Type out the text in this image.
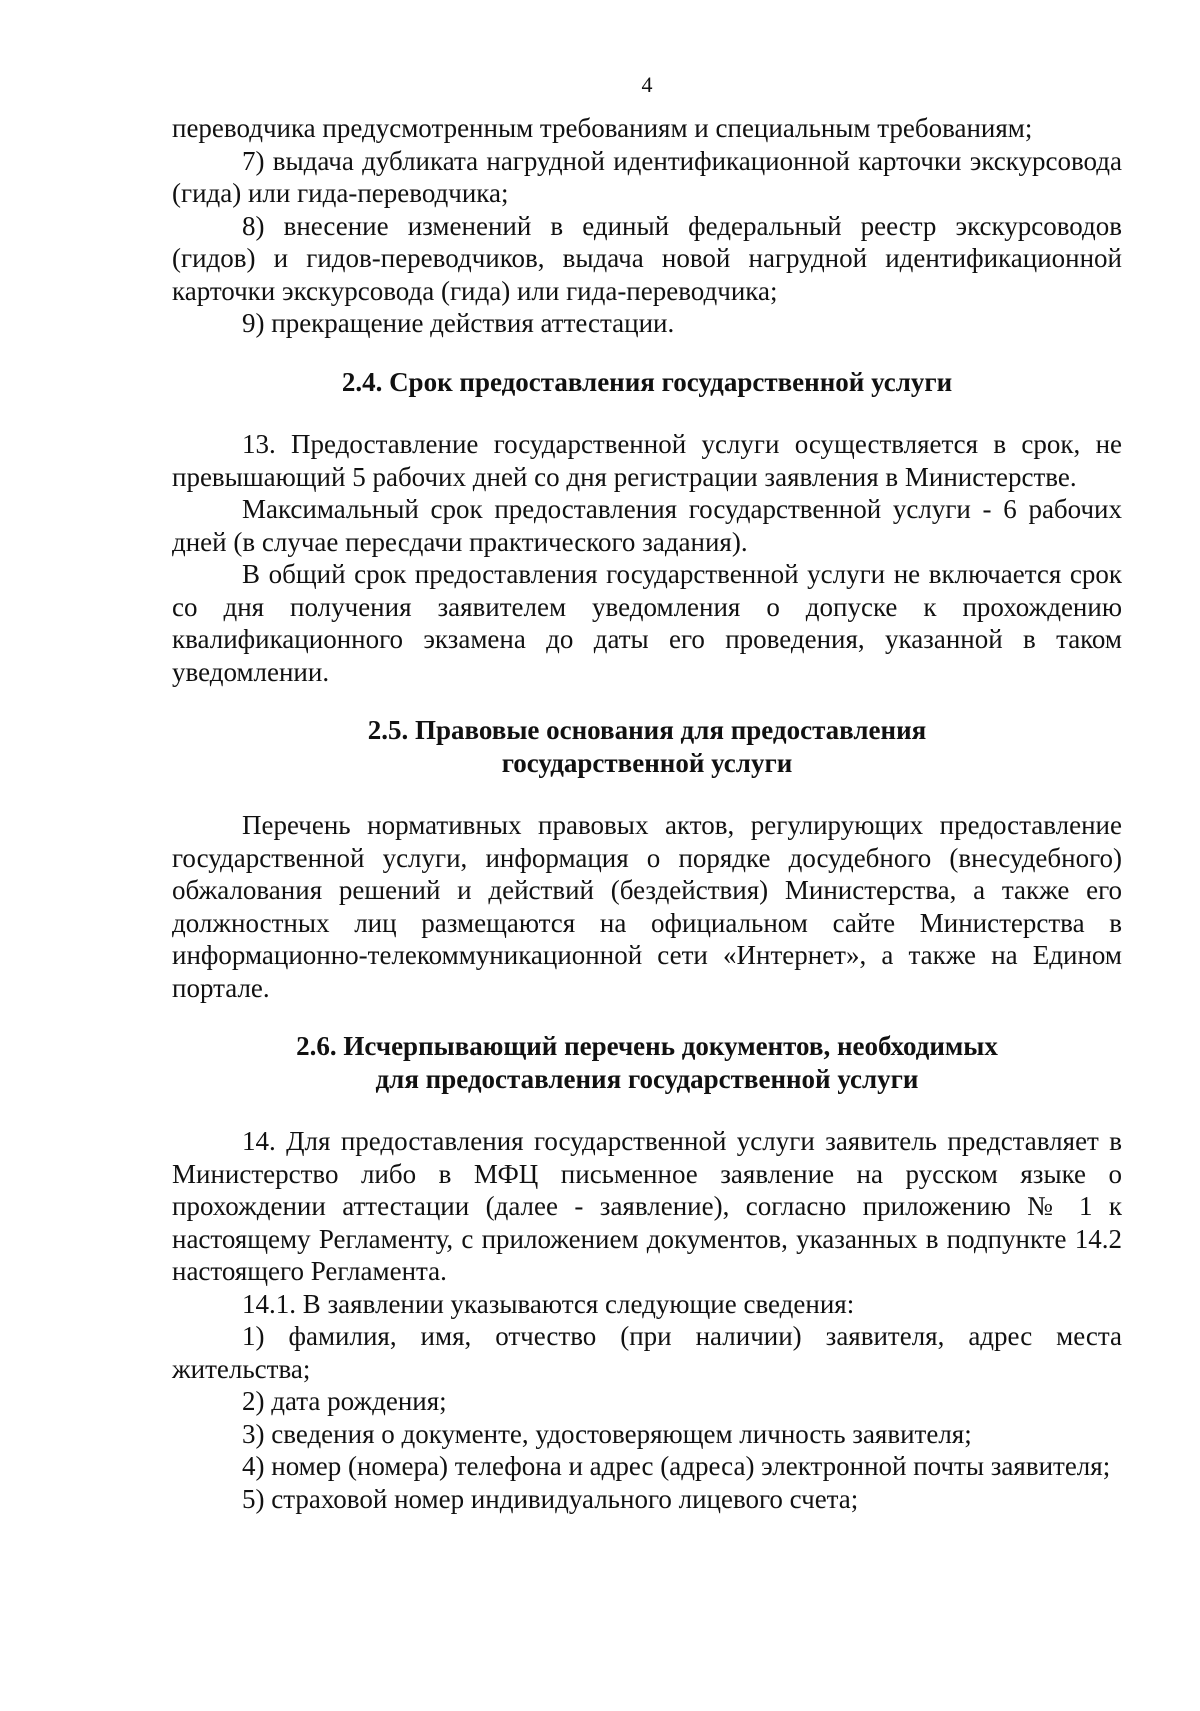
4

переводчика предусмотренным требованиям и специальным требованиям;

7) выдача дубликата нагрудной идентификационной карточки экскурсовода (гида) или гида-переводчика;

8) внесение изменений в единый федеральный реестр экскурсоводов (гидов) и гидов-переводчиков, выдача новой нагрудной идентификационной карточки экскурсовода (гида) или гида-переводчика;

9) прекращение действия аттестации.

2.4. Срок предоставления государственной услуги

13. Предоставление государственной услуги осуществляется в срок, не превышающий 5 рабочих дней со дня регистрации заявления в Министерстве.

Максимальный срок предоставления государственной услуги - 6 рабочих дней (в случае пересдачи практического задания).

В общий срок предоставления государственной услуги не включается срок со дня получения заявителем уведомления о допуске к прохождению квалификационного экзамена до даты его проведения, указанной в таком уведомлении.

2.5. Правовые основания для предоставления
государственной услуги

Перечень нормативных правовых актов, регулирующих предоставление государственной услуги, информация о порядке досудебного (внесудебного) обжалования решений и действий (бездействия) Министерства, а также его должностных лиц размещаются на официальном сайте Министерства в информационно-телекоммуникационной сети «Интернет», а также на Едином портале.

2.6. Исчерпывающий перечень документов, необходимых
для предоставления государственной услуги

14. Для предоставления государственной услуги заявитель представляет в Министерство либо в МФЦ письменное заявление на русском языке о прохождении аттестации (далее - заявление), согласно приложению № 1 к настоящему Регламенту, с приложением документов, указанных в подпункте 14.2 настоящего Регламента.

14.1. В заявлении указываются следующие сведения:

1) фамилия, имя, отчество (при наличии) заявителя, адрес места жительства;

2) дата рождения;

3) сведения о документе, удостоверяющем личность заявителя;

4) номер (номера) телефона и адрес (адреса) электронной почты заявителя;

5) страховой номер индивидуального лицевого счета;
